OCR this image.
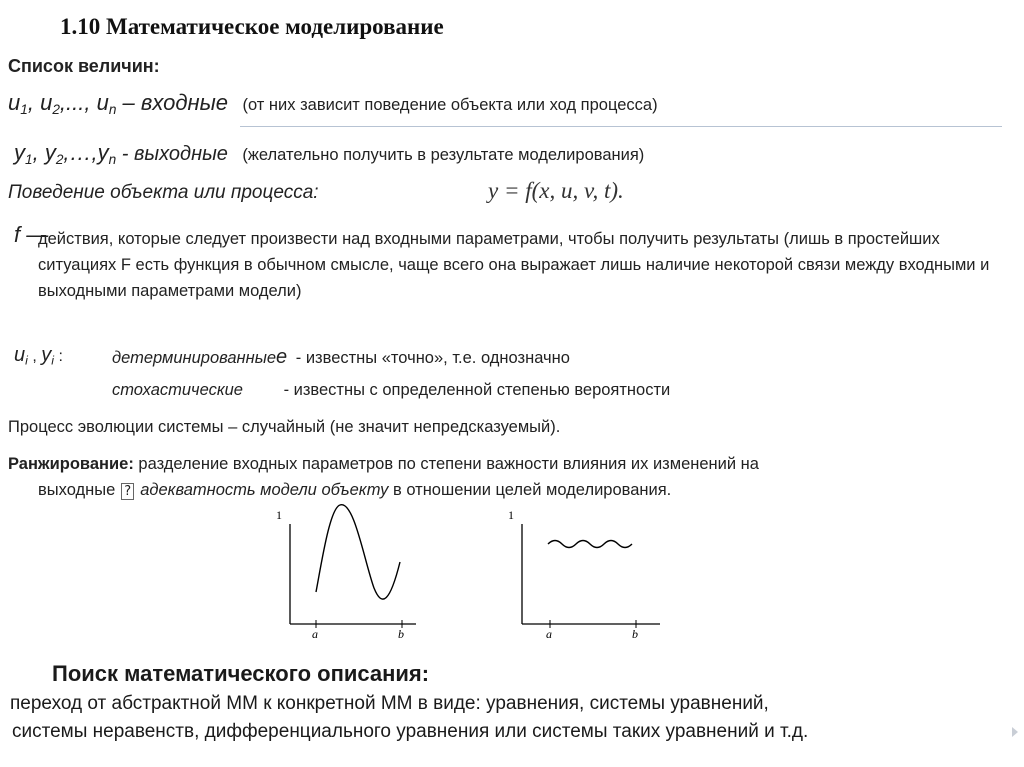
1.10 Математическое моделирование
Список величин:
$u_1$, $u_2$,..., $u_n$ – входные (от них зависит поведение объекта или ход процесса)
$y_1$, $y_2,\dots,y_n$ - выходные (желательно получить в результате моделирования)
Поведение объекта или процесса:	y = f(x, u, v, t).
f —
действия, которые следует произвести над входными параметрами, чтобы получить результаты (лишь в простейших ситуациях F есть функция в обычном смысле, чаще всего она выражает лишь наличие некоторой связи между входными и выходными параметрами модели)
$u_i$ , $y_i$ :	детерминированныее - известны «точно», т.е. однозначно
стохастические - известны с определенной степенью вероятности
Процесс эволюции системы – случайный (не значит непредсказуемый).
Ранжирование: разделение входных параметров по степени важности влияния их изменений на
выходные ? адекватность модели объекту в отношении целей моделирования.
1
a	b
1
a	b
Поиск математического описания:
переход от абстрактной ММ к конкретной ММ в виде: уравнения, системы уравнений,
системы неравенств, дифференциального уравнения или системы таких уравнений и т.д.
